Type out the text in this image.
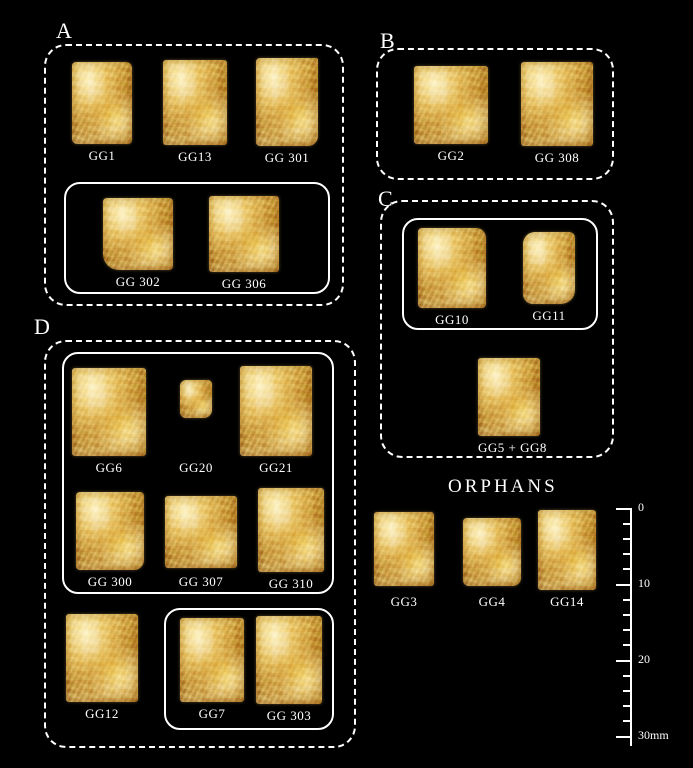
A	B
C
D
ORPHANS
GG1	GG13	GG 301
GG 302	GG 306
GG2	GG 308
GG10	GG11
GG5 + GG8
GG6	GG20	GG21
GG 300	GG 307	GG 310
GG12	GG7	GG 303
GG3	GG4	GG14
0
10
20
30mm
